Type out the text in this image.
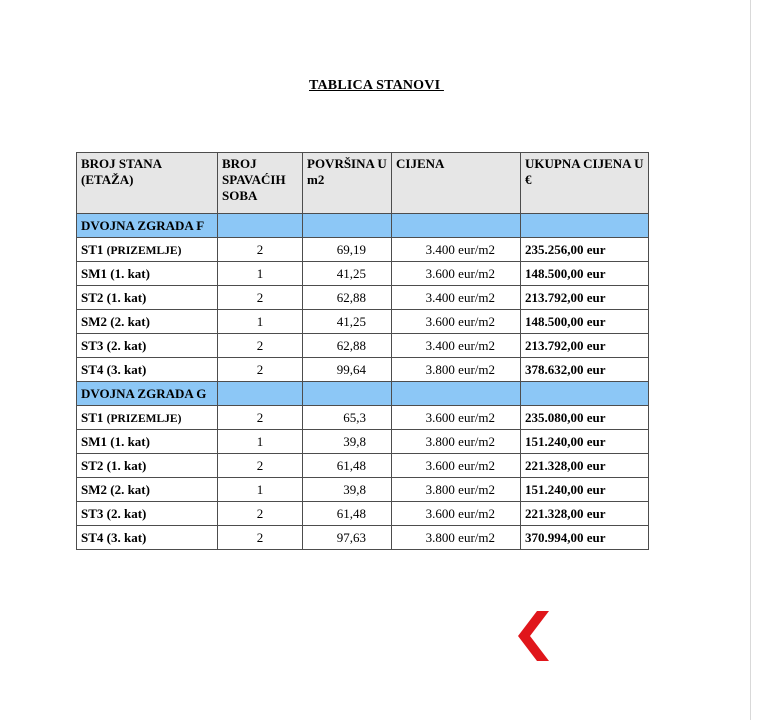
TABLICA STANOVI
BROJ STANA (ETAŽA)	BROJ SPAVAĆIH SOBA	POVRŠINA U m2	CIJENA	UKUPNA CIJENA U €
DVOJNA ZGRADA F				
ST1 (PRIZEMLJE)	2	69,19	3.400 eur/m2	235.256,00 eur
SM1 (1. kat)	1	41,25	3.600 eur/m2	148.500,00 eur
ST2 (1. kat)	2	62,88	3.400 eur/m2	213.792,00 eur
SM2 (2. kat)	1	41,25	3.600 eur/m2	148.500,00 eur
ST3 (2. kat)	2	62,88	3.400 eur/m2	213.792,00 eur
ST4 (3. kat)	2	99,64	3.800 eur/m2	378.632,00 eur
DVOJNA ZGRADA G				
ST1 (PRIZEMLJE)	2	65,3	3.600 eur/m2	235.080,00 eur
SM1 (1. kat)	1	39,8	3.800 eur/m2	151.240,00 eur
ST2 (1. kat)	2	61,48	3.600 eur/m2	221.328,00 eur
SM2 (2. kat)	1	39,8	3.800 eur/m2	151.240,00 eur
ST3 (2. kat)	2	61,48	3.600 eur/m2	221.328,00 eur
ST4 (3. kat)	2	97,63	3.800 eur/m2	370.994,00 eur
